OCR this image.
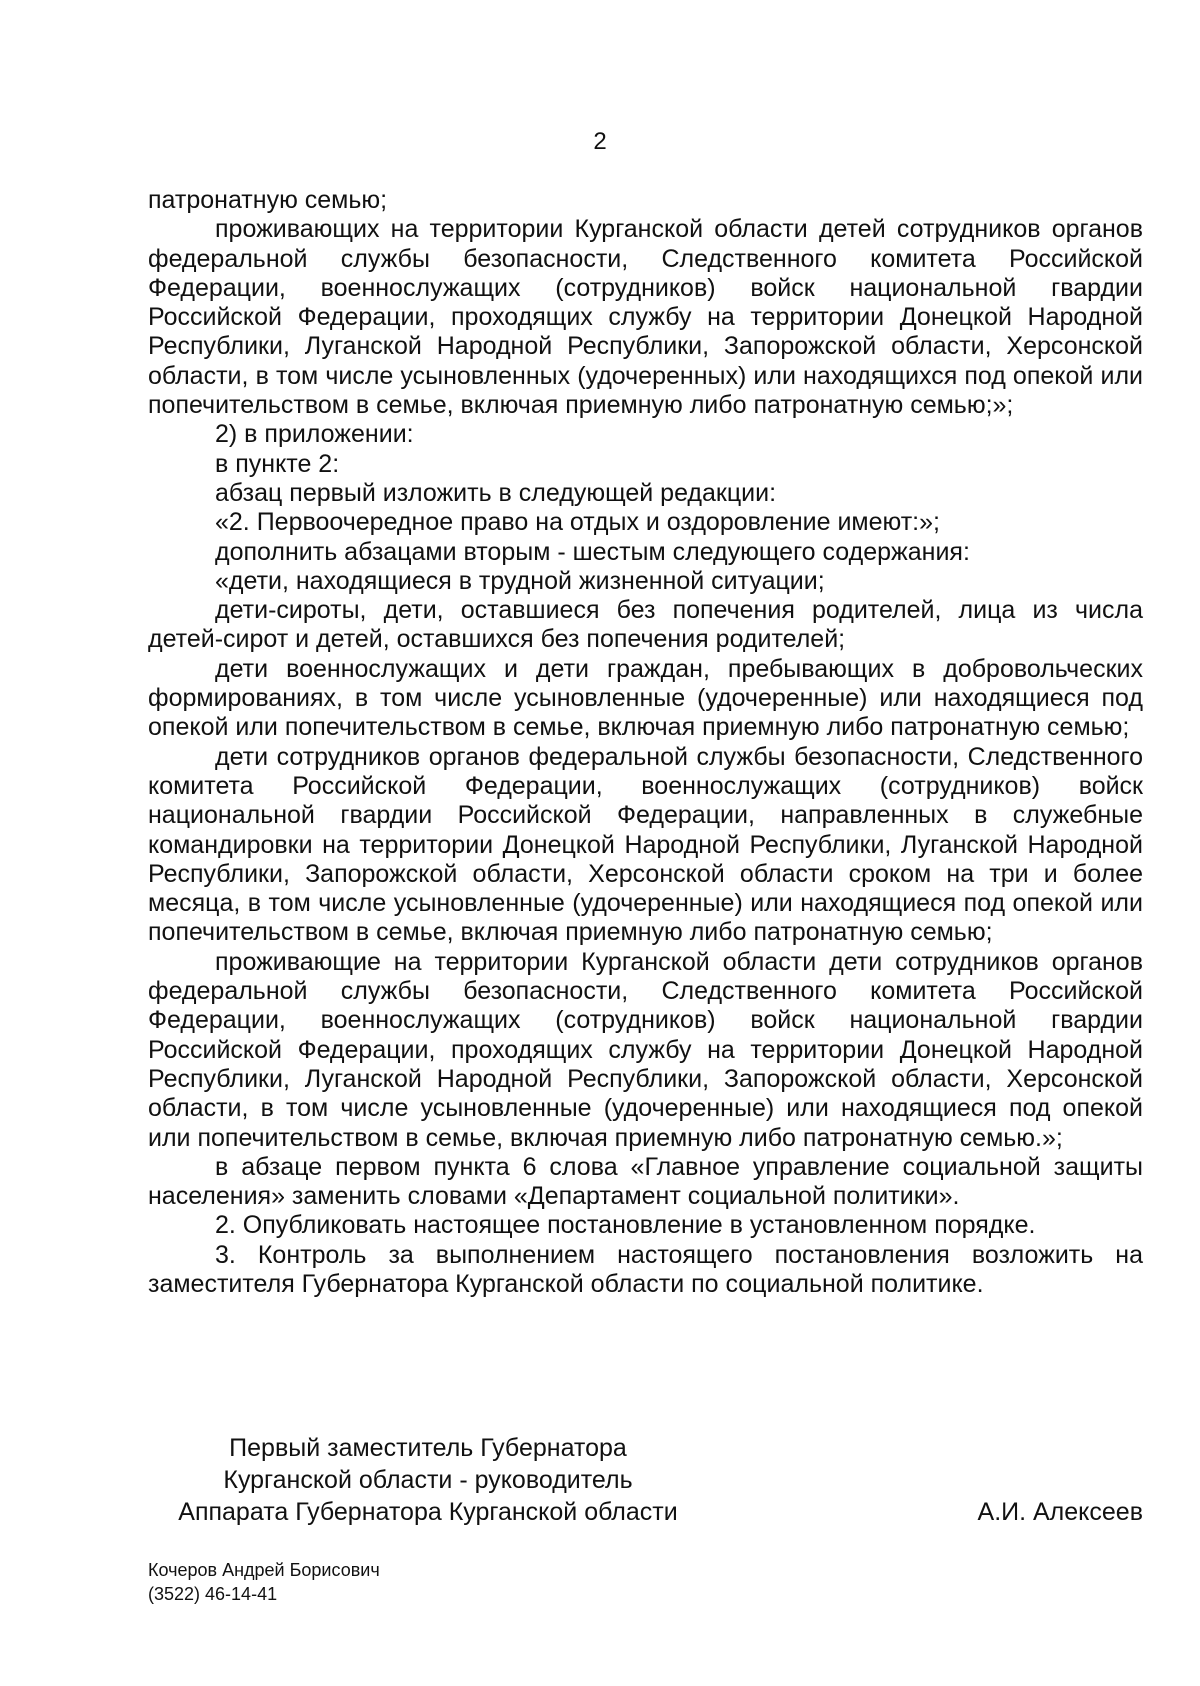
2

патронатную семью;

проживающих на территории Курганской области детей сотрудников органов федеральной службы безопасности, Следственного комитета Российской Федерации, военнослужащих (сотрудников) войск национальной гвардии Российской Федерации, проходящих службу на территории Донецкой Народной Республики, Луганской Народной Республики, Запорожской области, Херсонской области, в том числе усыновленных (удочеренных) или находящихся под опекой или попечительством в семье, включая приемную либо патронатную семью;»;

2) в приложении:

в пункте 2:

абзац первый изложить в следующей редакции:

«2. Первоочередное право на отдых и оздоровление имеют:»;

дополнить абзацами вторым - шестым следующего содержания:

«дети, находящиеся в трудной жизненной ситуации;

дети-сироты, дети, оставшиеся без попечения родителей, лица из числа детей-сирот и детей, оставшихся без попечения родителей;

дети военнослужащих и дети граждан, пребывающих в добровольческих формированиях, в том числе усыновленные (удочеренные) или находящиеся под опекой или попечительством в семье, включая приемную либо патронатную семью;

дети сотрудников органов федеральной службы безопасности, Следственного комитета Российской Федерации, военнослужащих (сотрудников) войск национальной гвардии Российской Федерации, направленных в служебные командировки на территории Донецкой Народной Республики, Луганской Народной Республики, Запорожской области, Херсонской области сроком на три и более месяца, в том числе усыновленные (удочеренные) или находящиеся под опекой или попечительством в семье, включая приемную либо патронатную семью;

проживающие на территории Курганской области дети сотрудников органов федеральной службы безопасности, Следственного комитета Российской Федерации, военнослужащих (сотрудников) войск национальной гвардии Российской Федерации, проходящих службу на территории Донецкой Народной Республики, Луганской Народной Республики, Запорожской области, Херсонской области, в том числе усыновленные (удочеренные) или находящиеся под опекой или попечительством в семье, включая приемную либо патронатную семью.»;

в абзаце первом пункта 6 слова «Главное управление социальной защиты населения» заменить словами «Департамент социальной политики».

2. Опубликовать настоящее постановление в установленном порядке.

3. Контроль за выполнением настоящего постановления возложить на заместителя Губернатора Курганской области по социальной политике.

Первый заместитель Губернатора
Курганской области - руководитель
Аппарата Губернатора Курганской области	А.И. Алексеев
Кочеров Андрей Борисович
(3522) 46-14-41
